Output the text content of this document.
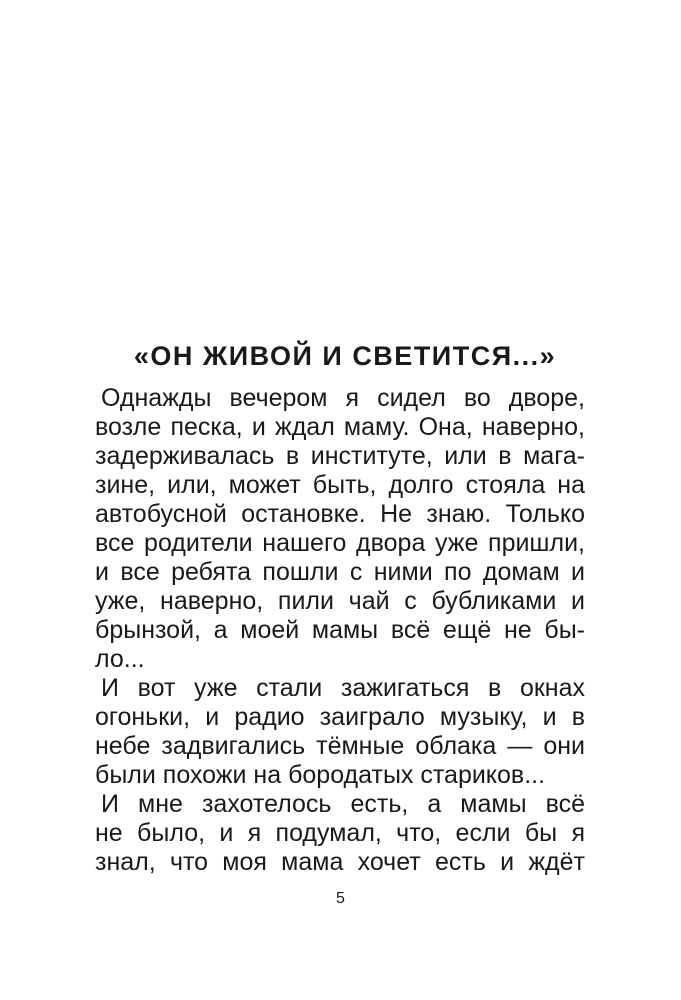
«ОН ЖИВОЙ И СВЕТИТСЯ...»
Однажды вечером я сидел во дворе,
возле песка, и ждал маму. Она, наверно,
задерживалась в институте, или в мага-
зине, или, может быть, долго стояла на
автобусной остановке. Не знаю. Только
все родители нашего двора уже пришли,
и все ребята пошли с ними по домам и
уже, наверно, пили чай с бубликами и
брынзой, а моей мамы всё ещё не бы-
ло...
И вот уже стали зажигаться в окнах
огоньки, и радио заиграло музыку, и в
небе задвигались тёмные облака — они
были похожи на бородатых стариков...
И мне захотелось есть, а мамы всё
не было, и я подумал, что, если бы я
знал, что моя мама хочет есть и ждёт
5
